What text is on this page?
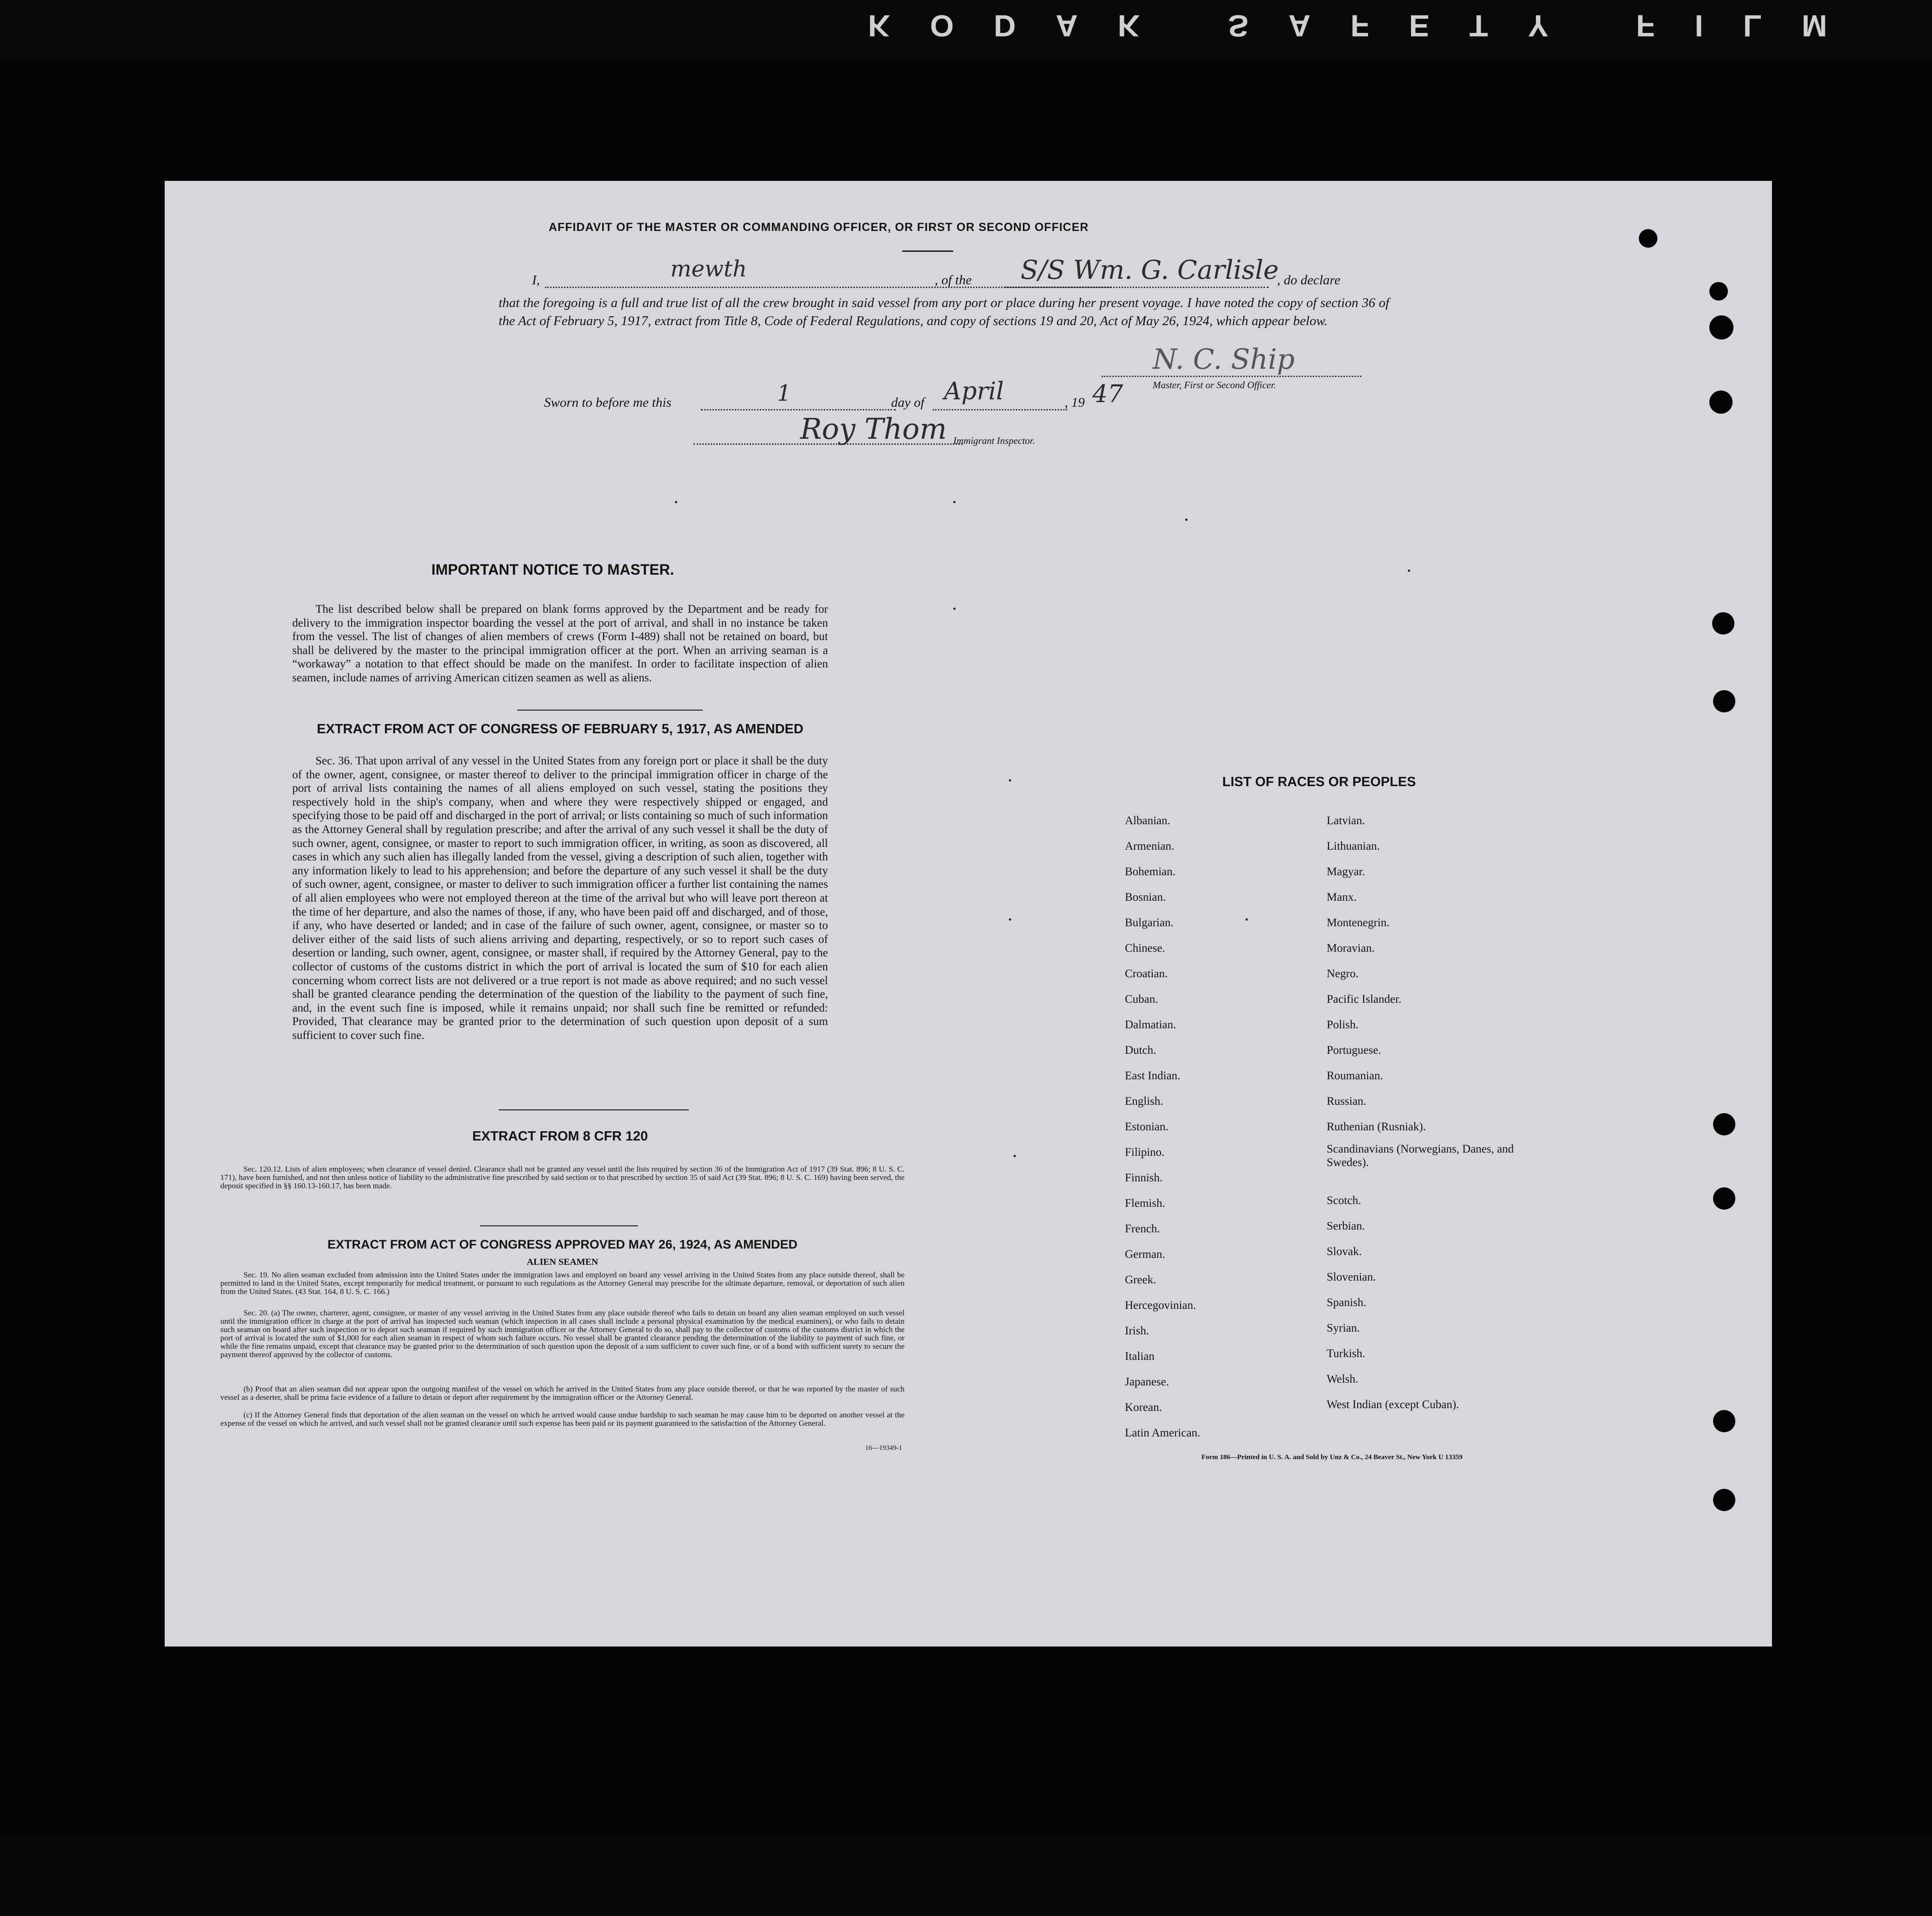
KODAK SAFETY FILM
AFFIDAVIT OF THE MASTER OR COMMANDING OFFICER, OR FIRST OR SECOND OFFICER
I,	mewth	, of the S/S Wm. G. Carlisle
, do declare
that the foregoing is a full and true list of all the crew brought in said vessel from any port or place during her present voyage. I have noted the copy of section 36 of the Act of February 5, 1917, extract from Title 8, Code of Federal Regulations, and copy of sections 19 and 20, Act of May 26, 1924, which appear below.
N. C. Ship
Master, First or Second Officer.
Sworn to before me this	1	day of April	, 19 47
Roy Thom Immigrant Inspector.
IMPORTANT NOTICE TO MASTER.
The list described below shall be prepared on blank forms approved by the Department and be ready for delivery to the immigration inspector boarding the vessel at the port of arrival, and shall in no instance be taken from the vessel. The list of changes of alien members of crews (Form I-489) shall not be retained on board, but shall be delivered by the master to the principal immigration officer at the port. When an arriving seaman is a “workaway” a notation to that effect should be made on the manifest. In order to facilitate inspection of alien seamen, include names of arriving American citizen seamen as well as aliens.
EXTRACT FROM ACT OF CONGRESS OF FEBRUARY 5, 1917, AS AMENDED
Sec. 36. That upon arrival of any vessel in the United States from any foreign port or place it shall be the duty of the owner, agent, consignee, or master thereof to deliver to the principal immigration officer in charge of the port of arrival lists containing the names of all aliens employed on such vessel, stating the positions they respectively hold in the ship's company, when and where they were respectively shipped or engaged, and specifying those to be paid off and discharged in the port of arrival; or lists containing so much of such information as the Attorney General shall by regulation prescribe; and after the arrival of any such vessel it shall be the duty of such owner, agent, consignee, or master to report to such immigration officer, in writing, as soon as discovered, all cases in which any such alien has illegally landed from the vessel, giving a description of such alien, together with any information likely to lead to his apprehension; and before the departure of any such vessel it shall be the duty of such owner, agent, consignee, or master to deliver to such immigration officer a further list containing the names of all alien employees who were not employed thereon at the time of the arrival but who will leave port thereon at the time of her departure, and also the names of those, if any, who have been paid off and discharged, and of those, if any, who have deserted or landed; and in case of the failure of such owner, agent, consignee, or master so to deliver either of the said lists of such aliens arriving and departing, respectively, or so to report such cases of desertion or landing, such owner, agent, consignee, or master shall, if required by the Attorney General, pay to the collector of customs of the customs district in which the port of arrival is located the sum of $10 for each alien concerning whom correct lists are not delivered or a true report is not made as above required; and no such vessel shall be granted clearance pending the determination of the question of the liability to the payment of such fine, and, in the event such fine is imposed, while it remains unpaid; nor shall such fine be remitted or refunded: Provided, That clearance may be granted prior to the determination of such question upon deposit of a sum sufficient to cover such fine.
EXTRACT FROM 8 CFR 120
Sec. 120.12. Lists of alien employees; when clearance of vessel denied. Clearance shall not be granted any vessel until the lists required by section 36 of the Immigration Act of 1917 (39 Stat. 896; 8 U. S. C. 171), have been furnished, and not then unless notice of liability to the administrative fine prescribed by said section or to that prescribed by section 35 of said Act (39 Stat. 896; 8 U. S. C. 169) having been served, the deposit specified in §§ 160.13-160.17, has been made.
EXTRACT FROM ACT OF CONGRESS APPROVED MAY 26, 1924, AS AMENDED
ALIEN SEAMEN
Sec. 19. No alien seaman excluded from admission into the United States under the immigration laws and employed on board any vessel arriving in the United States from any place outside thereof, shall be permitted to land in the United States, except temporarily for medical treatment, or pursuant to such regulations as the Attorney General may prescribe for the ultimate departure, removal, or deportation of such alien from the United States. (43 Stat. 164, 8 U. S. C. 166.)
Sec. 20. (a) The owner, charterer, agent, consignee, or master of any vessel arriving in the United States from any place outside thereof who fails to detain on board any alien seaman employed on such vessel until the immigration officer in charge at the port of arrival has inspected such seaman (which inspection in all cases shall include a personal physical examination by the medical examiners), or who fails to detain such seaman on board after such inspection or to deport such seaman if required by such immigration officer or the Attorney General to do so, shall pay to the collector of customs of the customs district in which the port of arrival is located the sum of $1,000 for each alien seaman in respect of whom such failure occurs. No vessel shall be granted clearance pending the determination of the liability to payment of such fine, or while the fine remains unpaid, except that clearance may be granted prior to the determination of such question upon the deposit of a sum sufficient to cover such fine, or of a bond with sufficient surety to secure the payment thereof approved by the collector of customs.
(b) Proof that an alien seaman did not appear upon the outgoing manifest of the vessel on which he arrived in the United States from any place outside thereof, or that he was reported by the master of such vessel as a deserter, shall be prima facie evidence of a failure to detain or deport after requirement by the immigration officer or the Attorney General.
(c) If the Attorney General finds that deportation of the alien seaman on the vessel on which he arrived would cause undue hardship to such seaman he may cause him to be deported on another vessel at the expense of the vessel on which he arrived, and such vessel shall not be granted clearance until such expense has been paid or its payment guaranteed to the satisfaction of the Attorney General.
16—19349-1
LIST OF RACES OR PEOPLES
Albanian.
Armenian.
Bohemian.
Bosnian.
Bulgarian.
Chinese.
Croatian.
Cuban.
Dalmatian.
Dutch.
East Indian.
English.
Estonian.
Filipino.
Finnish.
Flemish.
French.
German.
Greek.
Hercegovinian.
Irish.
Italian
Japanese.
Korean.
Latin American.
Latvian.
Lithuanian.
Magyar.
Manx.
Montenegrin.
Moravian.
Negro.
Pacific Islander.
Polish.
Portuguese.
Roumanian.
Russian.
Ruthenian (Rusniak).
Scandinavians (Norwegians, Danes, and Swedes).
Scotch.
Serbian.
Slovak.
Slovenian.
Spanish.
Syrian.
Turkish.
Welsh.
West Indian (except Cuban).
Form 186—Printed in U. S. A. and Sold by Unz & Co., 24 Beaver St., New York U 13359
